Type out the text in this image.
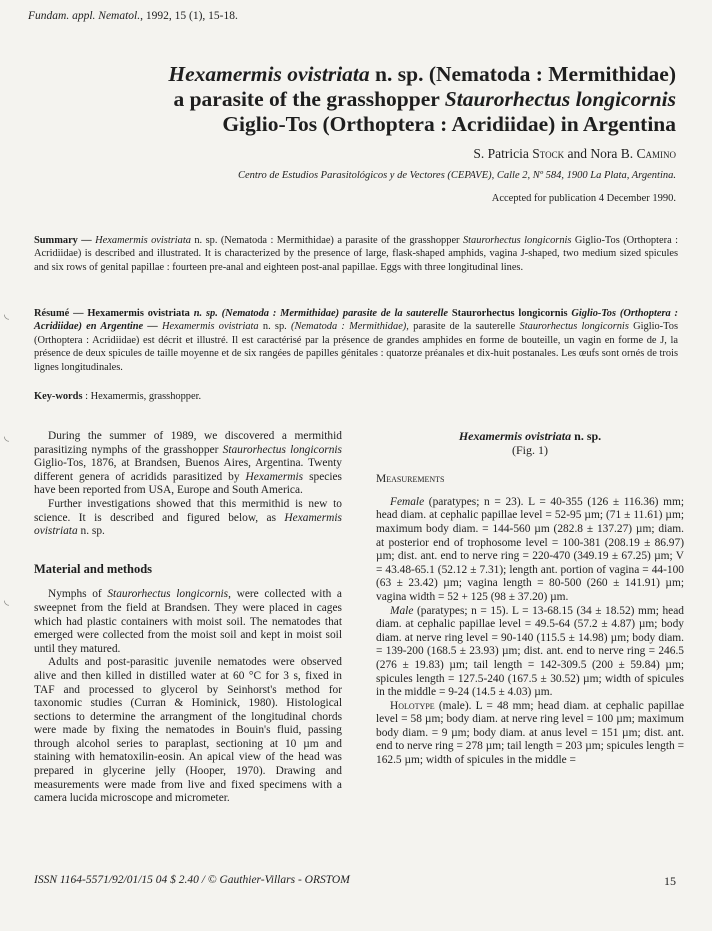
Fundam. appl. Nematol., 1992, 15 (1), 15-18.
Hexamermis ovistriata n. sp. (Nematoda : Mermithidae)
a parasite of the grasshopper Staurorhectus longicornis
Giglio-Tos (Orthoptera : Acridiidae) in Argentina
S. Patricia Stock and Nora B. Camino
Centro de Estudios Parasitológicos y de Vectores (CEPAVE), Calle 2, Nº 584, 1900 La Plata, Argentina.
Accepted for publication 4 December 1990.

Summary — Hexamermis ovistriata n. sp. (Nematoda : Mermithidae) a parasite of the grasshopper Staurorhectus longicornis Giglio-Tos (Orthoptera : Acridiidae) is described and illustrated. It is characterized by the presence of large, flask-shaped amphids, vagina J-shaped, two medium sized spicules and six rows of genital papillae : fourteen pre-anal and eighteen post-anal papillae. Eggs with three longitudinal lines.

Résumé — Hexamermis ovistriata n. sp. (Nematoda : Mermithidae) parasite de la sauterelle Staurorhectus longicornis Giglio-Tos (Orthoptera : Acridiidae) en Argentine — Hexamermis ovistriata n. sp. (Nematoda : Mermithidae), parasite de la sauterelle Staurorhectus longicornis Giglio-Tos (Orthoptera : Acridiidae) est décrit et illustré. Il est caractérisé par la présence de grandes amphides en forme de bouteille, un vagin en forme de J, la présence de deux spicules de taille moyenne et de six rangées de papilles génitales : quatorze préanales et dix-huit postanales. Les œufs sont ornés de trois lignes longitudinales.

Key-words : Hexamermis, grasshopper.

During the summer of 1989, we discovered a mermithid parasitizing nymphs of the grasshopper Staurorhectus longicornis Giglio-Tos, 1876, at Brandsen, Buenos Aires, Argentina. Twenty different genera of acridids parasitized by Hexamermis species have been reported from USA, Europe and South America.

Further investigations showed that this mermithid is new to science. It is described and figured below, as Hexamermis ovistriata n. sp.

Material and methods

Nymphs of Staurorhectus longicornis, were collected with a sweepnet from the field at Brandsen. They were placed in cages which had plastic containers with moist soil. The nematodes that emerged were collected from the moist soil and kept in moist soil until they matured.

Adults and post-parasitic juvenile nematodes were observed alive and then killed in distilled water at 60 °C for 3 s, fixed in TAF and processed to glycerol by Seinhorst's method for taxonomic studies (Curran & Hominick, 1980). Histological sections to determine the arrangment of the longitudinal chords were made by fixing the nematodes in Bouin's fluid, passing through alcohol series to paraplast, sectioning at 10 µm and staining with hematoxilin-eosin. An apical view of the head was prepared in glycerine jelly (Hooper, 1970). Drawing and measurements were made from live and fixed specimens with a camera lucida microscope and micrometer.

Hexamermis ovistriata n. sp.

(Fig. 1)

Measurements

Female (paratypes; n = 23). L = 40-355 (126 ± 116.36) mm; head diam. at cephalic papillae level = 52-95 µm; (71 ± 11.61) µm; maximum body diam. = 144-560 µm (282.8 ± 137.27) µm; diam. at posterior end of trophosome level = 100-381 (208.19 ± 86.97) µm; dist. ant. end to nerve ring = 220-470 (349.19 ± 67.25) µm; V = 43.48-65.1 (52.12 ± 7.31); length ant. portion of vagina = 44-100 (63 ± 23.42) µm; vagina length = 80-500 (260 ± 141.91) µm; vagina width = 52 + 125 (98 ± 37.20) µm.

Male (paratypes; n = 15). L = 13-68.15 (34 ± 18.52) mm; head diam. at cephalic papillae level = 49.5-64 (57.2 ± 4.87) µm; body diam. at nerve ring level = 90-140 (115.5 ± 14.98) µm; body diam. = 139-200 (168.5 ± 23.93) µm; dist. ant. end to nerve ring = 246.5 (276 ± 19.83) µm; tail length = 142-309.5 (200 ± 59.84) µm; spicules length = 127.5-240 (167.5 ± 30.52) µm; width of spicules in the middle = 9-24 (14.5 ± 4.03) µm.

Holotype (male). L = 48 mm; head diam. at cephalic papillae level = 58 µm; body diam. at nerve ring level = 100 µm; maximum body diam. = 9 µm; body diam. at anus level = 151 µm; dist. ant. end to nerve ring = 278 µm; tail length = 203 µm; spicules length = 162.5 µm; width of spicules in the middle =

◟
◟
◟
ISSN 1164-5571/92/01/15 04 $ 2.40 / © Gauthier-Villars - ORSTOM	15
